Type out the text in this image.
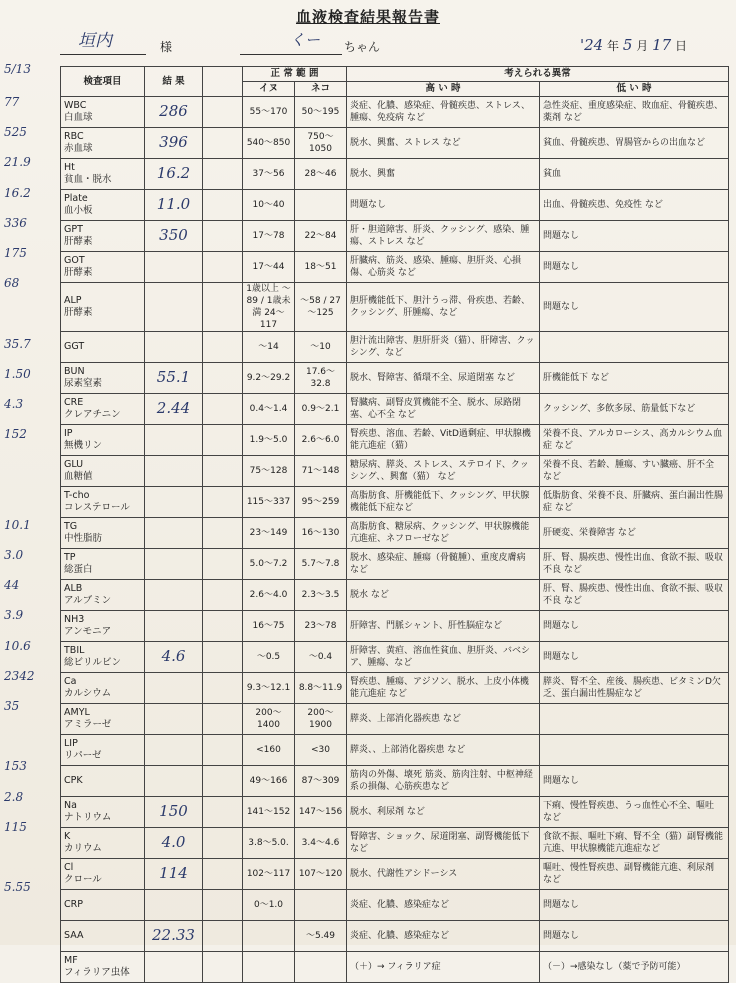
血液検査結果報告書
垣内	様	くー ちゃん	'24 年 5 月 17 日
5/13
検査項目	結 果		正 常 範 囲		考えられる異常	
			イヌ	ネコ	高 い 時	低 い 時

WBC
白血球	286		55～170	50～195	炎症、化膿、感染症、骨髄疾患、ストレス、腫瘍、免疫病 など	急性炎症、重度感染症、敗血症、骨髄疾患、薬剤 など

RBC
赤血球	396		540～850	750～1050	脱水、興奮、ストレス など	貧血、骨髄疾患、胃腸管からの出血など

Ht
貧血・脱水	16.2		37～56	28～46	脱水、興奮	貧血

Plate
血小板	11.0		10～40		問題なし	出血、骨髄疾患、免疫性 など

GPT
肝酵素	350		17～78	22～84	肝・胆道障害、肝炎、クッシング、感染、腫瘍、ストレス など	問題なし

GOT
肝酵素			17～44	18～51	肝臓病、筋炎、感染、腫瘍、胆肝炎、心損傷、心筋炎 など	問題なし

ALP
肝酵素			1歳以上 ～89 / 1歳未満 24～117	～58 / 27～125	胆肝機能低下、胆汁うっ滞、骨疾患、若齢、クッシング、肝腫瘍、など	問題なし

GGT			～14	～10	胆汁流出障害、胆肝肝炎（猫）、肝障害、クッシング、など	

BUN
尿素窒素	55.1		9.2～29.2	17.6～32.8	脱水、腎障害、循環不全、尿道閉塞 など	肝機能低下 など

CRE
クレアチニン	2.44		0.4～1.4	0.9～2.1	腎臓病、副腎皮質機能不全、脱水、尿路閉塞、心不全 など	クッシング、多飲多尿、筋量低下など

IP
無機リン			1.9～5.0	2.6～6.0	腎疾患、溶血、若齢、VitD過剰症、甲状腺機能亢進症（猫）	栄養不良、アルカローシス、高カルシウム血症 など

GLU
血糖値			75～128	71～148	糖尿病、膵炎、ストレス、ステロイド、クッシング、、興奮（猫） など	栄養不良、若齢、腫瘍、すい臓癌、肝不全 など

T-cho
コレステロール			115～337	95～259	高脂肪食、肝機能低下、クッシング、甲状腺機能低下症など	低脂肪食、栄養不良、肝臓病、蛋白漏出性腸症 など

TG
中性脂肪			23～149	16～130	高脂肪食、糖尿病、クッシング、甲状腺機能亢進症、ネフローゼなど	肝硬変、栄養障害 など

TP
総蛋白			5.0～7.2	5.7～7.8	脱水、感染症、腫瘍（骨髄腫）、重度皮膚病 など	肝、腎、腸疾患、慢性出血、食欲不振、吸収不良 など

ALB
アルブミン			2.6～4.0	2.3～3.5	脱水 など	肝、腎、腸疾患、慢性出血、食欲不振、吸収不良 など

NH3
アンモニア			16～75	23～78	肝障害、門脈シャント、肝性脳症など	問題なし

TBIL
総ビリルビン	4.6		～0.5	～0.4	肝障害、黄疸、溶血性貧血、胆肝炎、バベシア、腫瘍、など	問題なし

Ca
カルシウム			9.3～12.1	8.8～11.9	腎疾患、腫瘍、アジソン、脱水、上皮小体機能亢進症 など	膵炎、腎不全、産後、腸疾患、ビタミンD欠乏、蛋白漏出性腸症など

AMYL
アミラーゼ			200～1400	200～1900	膵炎、上部消化器疾患 など	

LIP
リパーゼ			<160	<30	膵炎、、上部消化器疾患 など	

CPK			49～166	87～309	筋肉の外傷、壊死 筋炎、筋肉注射、中枢神経系の損傷、心筋疾患など	問題なし

Na
ナトリウム	150		141～152	147～156	脱水、利尿剤 など	下痢、慢性腎疾患、うっ血性心不全、嘔吐 など

K
カリウム	4.0		3.8～5.0.	3.4～4.6	腎障害、ショック、尿道閉塞、副腎機能低下 など	食欲不振、嘔吐下痢、腎不全（猫）副腎機能亢進、甲状腺機能亢進症など

Cl
クロール	114		102～117	107～120	脱水、代謝性アシドーシス	嘔吐、慢性腎疾患、副腎機能亢進、利尿剤 など

CRP			0～1.0		炎症、化膿、感染症など	問題なし

SAA	22.33			～5.49	炎症、化膿、感染症など	問題なし

MF
フィラリア虫体					（＋）→ フィラリア症	（－）→感染なし（薬で予防可能）
77
525
21.9
16.2
336
175
68
35.7
1.50
4.3
152
10.1
3.0
44
3.9
10.6
2342
35
153
2.8
115
5.55
